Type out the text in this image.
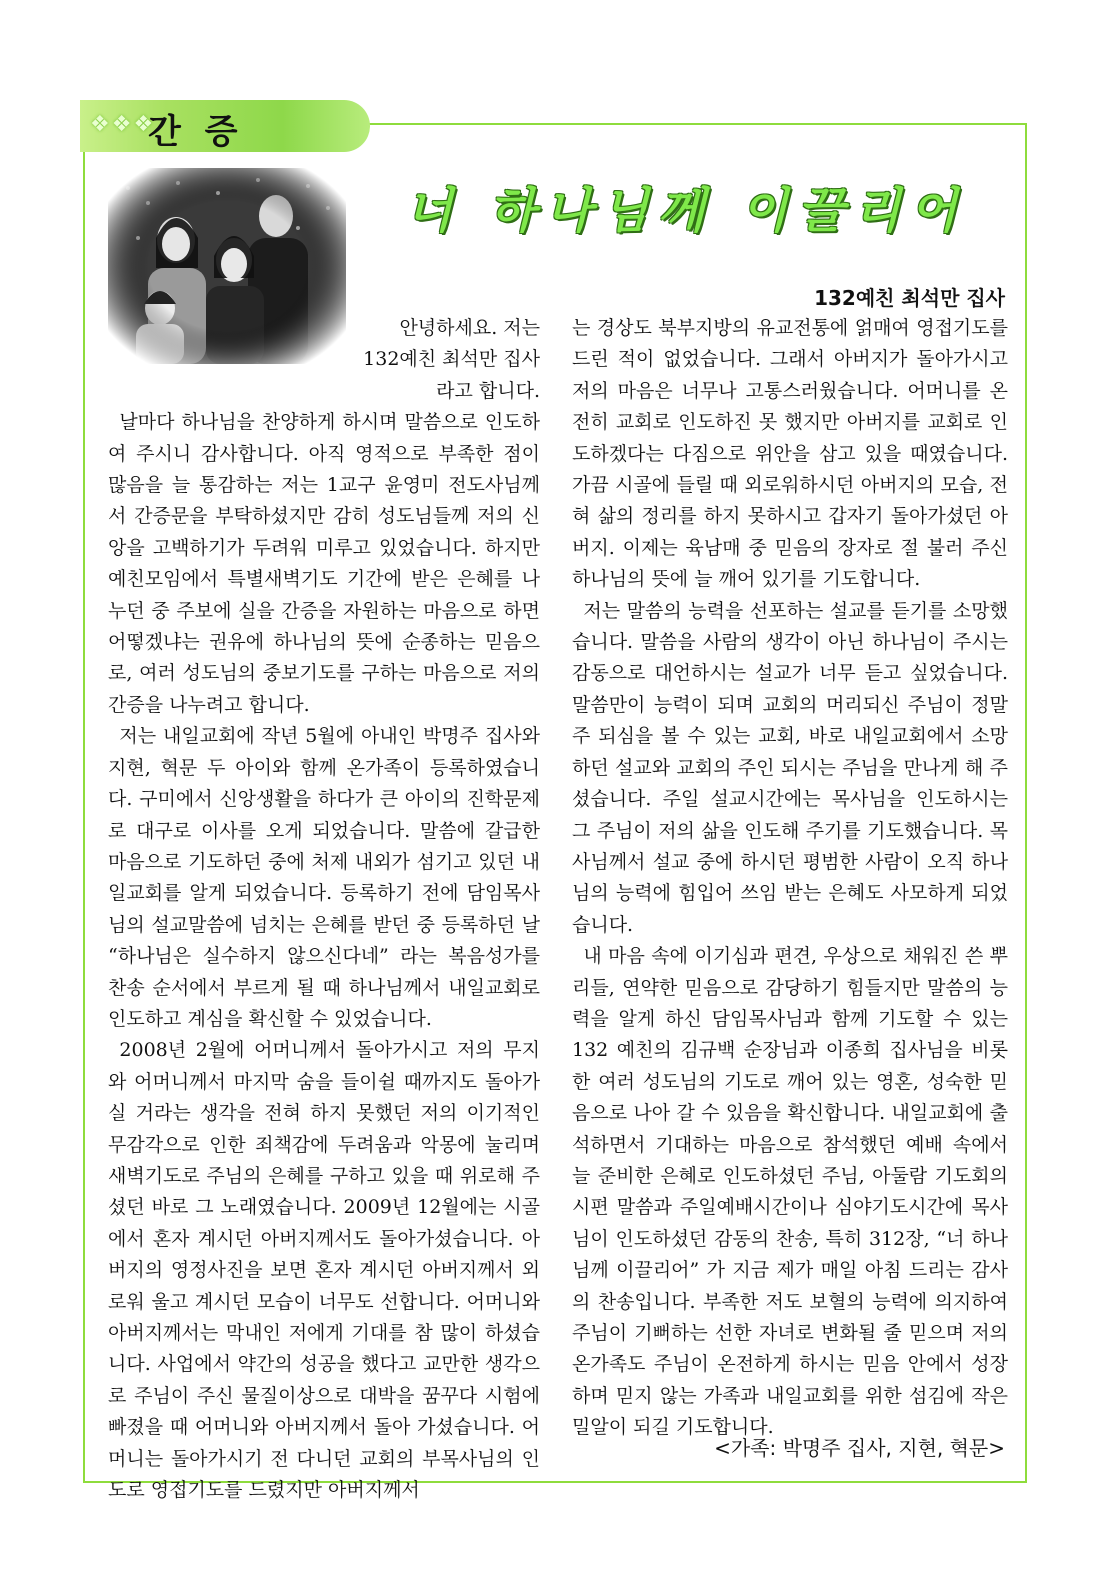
❖❖❖
간 증
너 하나님께 이끌리어
132예친 최석만 집사

안녕하세요. 저는

132예친 최석만 집사

라고 합니다.

날마다 하나님을 찬양하게 하시며 말씀으로 인도하여 주시니 감사합니다. 아직 영적으로 부족한 점이 많음을 늘 통감하는 저는 1교구 윤영미 전도사님께서 간증문을 부탁하셨지만 감히 성도님들께 저의 신앙을 고백하기가 두려워 미루고 있었습니다. 하지만 예친모임에서 특별새벽기도 기간에 받은 은혜를 나누던 중 주보에 실을 간증을 자원하는 마음으로 하면 어떻겠냐는 권유에 하나님의 뜻에 순종하는 믿음으로, 여러 성도님의 중보기도를 구하는 마음으로 저의 간증을 나누려고 합니다.

저는 내일교회에 작년 5월에 아내인 박명주 집사와 지현, 혁문 두 아이와 함께 온가족이 등록하였습니다. 구미에서 신앙생활을 하다가 큰 아이의 진학문제로 대구로 이사를 오게 되었습니다. 말씀에 갈급한 마음으로 기도하던 중에 처제 내외가 섬기고 있던 내일교회를 알게 되었습니다. 등록하기 전에 담임목사님의 설교말씀에 넘치는 은혜를 받던 중 등록하던 날 “하나님은 실수하지 않으신다네” 라는 복음성가를 찬송 순서에서 부르게 될 때 하나님께서 내일교회로 인도하고 계심을 확신할 수 있었습니다.

2008년 2월에 어머니께서 돌아가시고 저의 무지와 어머니께서 마지막 숨을 들이쉴 때까지도 돌아가실 거라는 생각을 전혀 하지 못했던 저의 이기적인 무감각으로 인한 죄책감에 두려움과 악몽에 눌리며 새벽기도로 주님의 은혜를 구하고 있을 때 위로해 주셨던 바로 그 노래였습니다. 2009년 12월에는 시골에서 혼자 계시던 아버지께서도 돌아가셨습니다. 아버지의 영정사진을 보면 혼자 계시던 아버지께서 외로워 울고 계시던 모습이 너무도 선합니다. 어머니와 아버지께서는 막내인 저에게 기대를 참 많이 하셨습니다. 사업에서 약간의 성공을 했다고 교만한 생각으로 주님이 주신 물질이상으로 대박을 꿈꾸다 시험에 빠졌을 때 어머니와 아버지께서 돌아 가셨습니다. 어머니는 돌아가시기 전 다니던 교회의 부목사님의 인도로 영접기도를 드렸지만 아버지께서

는 경상도 북부지방의 유교전통에 얽매여 영접기도를 드린 적이 없었습니다. 그래서 아버지가 돌아가시고 저의 마음은 너무나 고통스러웠습니다. 어머니를 온전히 교회로 인도하진 못 했지만 아버지를 교회로 인도하겠다는 다짐으로 위안을 삼고 있을 때였습니다. 가끔 시골에 들릴 때 외로워하시던 아버지의 모습, 전혀 삶의 정리를 하지 못하시고 갑자기 돌아가셨던 아버지. 이제는 육남매 중 믿음의 장자로 절 불러 주신 하나님의 뜻에 늘 깨어 있기를 기도합니다.

저는 말씀의 능력을 선포하는 설교를 듣기를 소망했습니다. 말씀을 사람의 생각이 아닌 하나님이 주시는 감동으로 대언하시는 설교가 너무 듣고 싶었습니다. 말씀만이 능력이 되며 교회의 머리되신 주님이 정말 주 되심을 볼 수 있는 교회, 바로 내일교회에서 소망하던 설교와 교회의 주인 되시는 주님을 만나게 해 주셨습니다. 주일 설교시간에는 목사님을 인도하시는 그 주님이 저의 삶을 인도해 주기를 기도했습니다. 목사님께서 설교 중에 하시던 평범한 사람이 오직 하나님의 능력에 힘입어 쓰임 받는 은혜도 사모하게 되었습니다.

내 마음 속에 이기심과 편견, 우상으로 채워진 쓴 뿌리들, 연약한 믿음으로 감당하기 힘들지만 말씀의 능력을 알게 하신 담임목사님과 함께 기도할 수 있는 132 예친의 김규백 순장님과 이종희 집사님을 비롯한 여러 성도님의 기도로 깨어 있는 영혼, 성숙한 믿음으로 나아 갈 수 있음을 확신합니다. 내일교회에 출석하면서 기대하는 마음으로 참석했던 예배 속에서 늘 준비한 은혜로 인도하셨던 주님, 아둘람 기도회의 시편 말씀과 주일예배시간이나 심야기도시간에 목사님이 인도하셨던 감동의 찬송, 특히 312장, “너 하나님께 이끌리어” 가 지금 제가 매일 아침 드리는 감사의 찬송입니다. 부족한 저도 보혈의 능력에 의지하여 주님이 기뻐하는 선한 자녀로 변화될 줄 믿으며 저의 온가족도 주님이 온전하게 하시는 믿음 안에서 성장하며 믿지 않는 가족과 내일교회를 위한 섬김에 작은 밀알이 되길 기도합니다.

<가족: 박명주 집사, 지현, 혁문>
